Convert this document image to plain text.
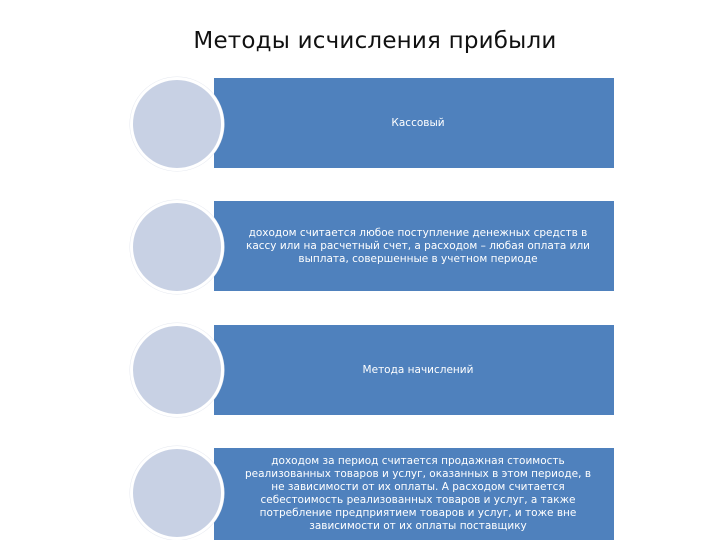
Методы исчисления прибыли
Кассовый
доходом считается любое поступление денежных средств в кассу или на расчетный счет, а расходом – любая оплата или выплата, совершенные в учетном периоде
Метода начислений
доходом за период считается продажная стоимость реализованных товаров и услуг, оказанных в этом периоде, в не зависимости от их оплаты. А расходом считается себестоимость реализованных товаров и услуг, а также потребление предприятием товаров и услуг, и тоже вне зависимости от их оплаты поставщику
